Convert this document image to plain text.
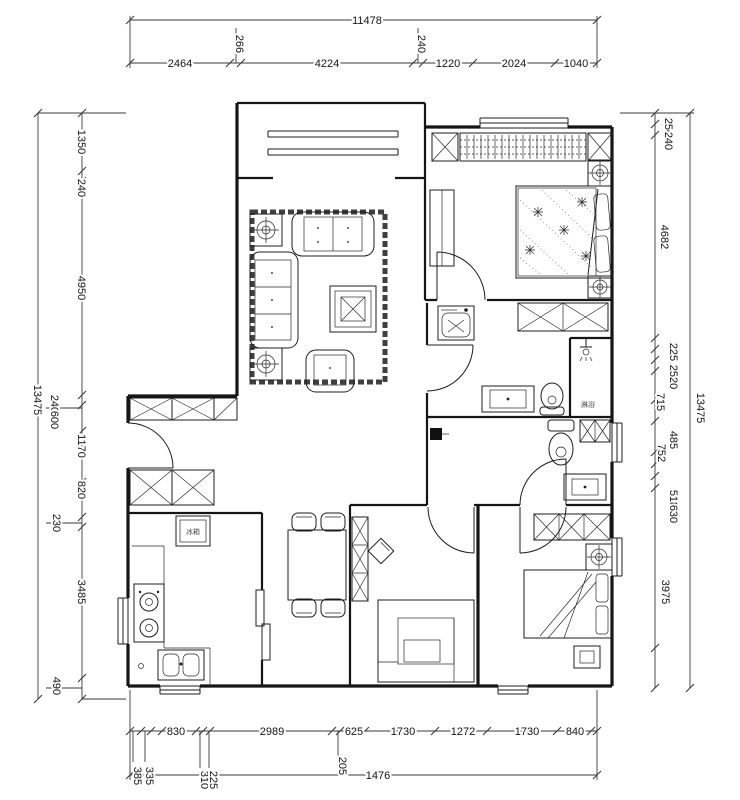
11478
2464
266
4224
240
1220	2024	1040
13475
1350
240
4950
240
600
1170
820
230
3485
490
13475
250
240
4682
225
2520
715
485
752
518
630
3975
830	2989	625	1730	1272	1730 840
385 335	310
225
205
1476
冰箱
淋浴
